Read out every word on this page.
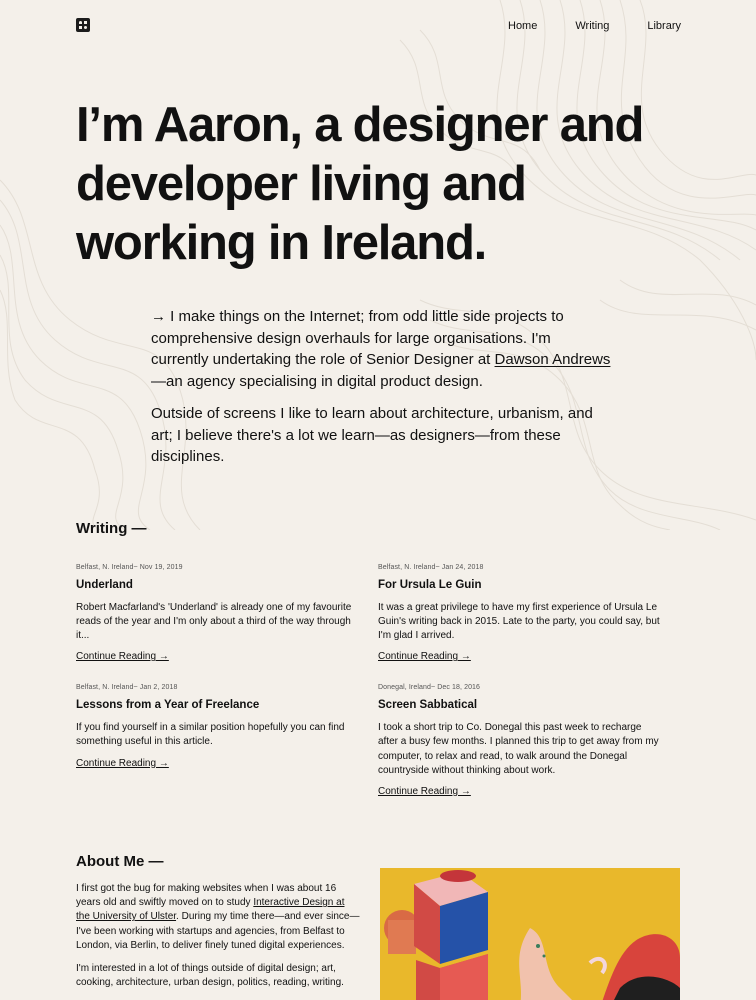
Home	Writing	Library
I’m Aaron, a designer and developer living and working in Ireland.

→ I make things on the Internet; from odd little side projects to comprehensive design overhauls for large organisations. I'm currently undertaking the role of Senior Designer at Dawson Andrews—an agency specialising in digital product design.

Outside of screens I like to learn about architecture, urbanism, and art; I believe there's a lot we learn—as designers—from these disciplines.

Writing —
Belfast, N. Ireland~ Nov 19, 2019
Underland

Robert Macfarland's 'Underland' is already one of my favourite reads of the year and I'm only about a third of the way through it...

Continue Reading →
Belfast, N. Ireland~ Jan 24, 2018
For Ursula Le Guin

It was a great privilege to have my first experience of Ursula Le Guin's writing back in 2015. Late to the party, you could say, but I'm glad I arrived.

Continue Reading →
Belfast, N. Ireland~ Jan 2, 2018
Lessons from a Year of Freelance

If you find yourself in a similar position hopefully you can find something useful in this article.

Continue Reading →
Donegal, Ireland~ Dec 18, 2016
Screen Sabbatical

I took a short trip to Co. Donegal this past week to recharge after a busy few months. I planned this trip to get away from my computer, to relax and read, to walk around the Donegal countryside without thinking about work.

Continue Reading →
About Me —

I first got the bug for making websites when I was about 16 years old and swiftly moved on to study Interactive Design at the University of Ulster. During my time there—and ever since—I've been working with startups and agencies, from Belfast to London, via Berlin, to deliver finely tuned digital experiences.

I'm interested in a lot of things outside of digital design; art, cooking, architecture, urban design, politics, reading, writing.
